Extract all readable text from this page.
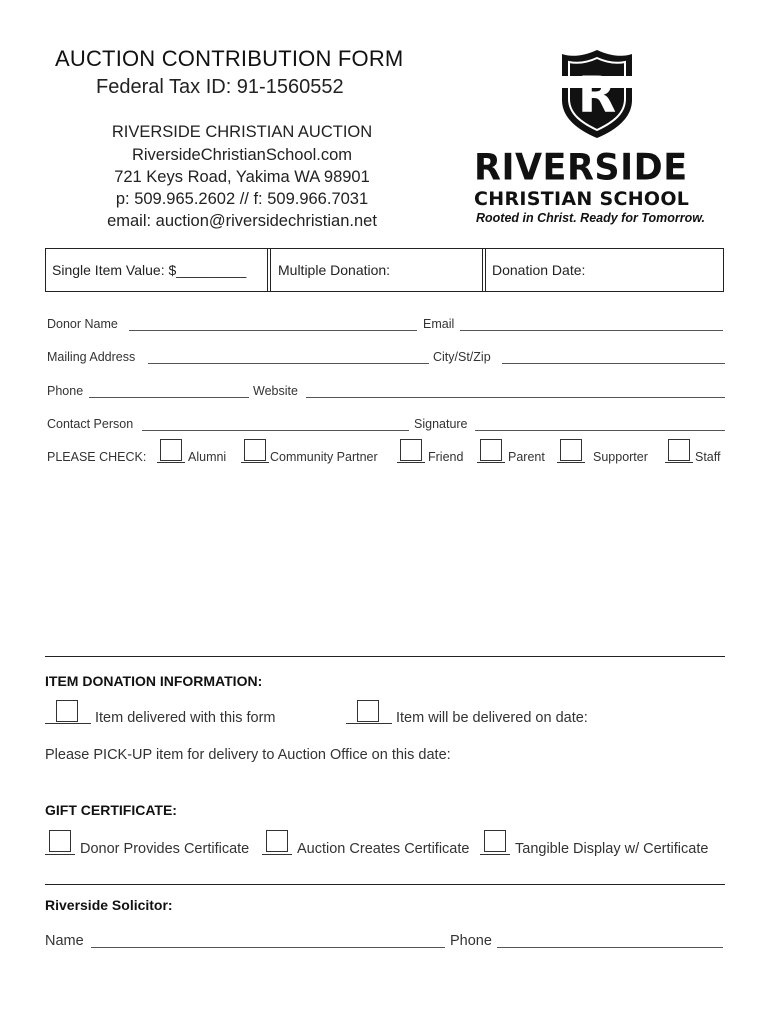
AUCTION CONTRIBUTION FORM
Federal Tax ID: 91-1560552
RIVERSIDE CHRISTIAN AUCTION
RiversideChristianSchool.com
721 Keys Road, Yakima WA 98901
p: 509.965.2602 // f: 509.966.7031
email: auction@riversidechristian.net
R
RIVERSIDE
CHRISTIAN SCHOOL
Rooted in Christ. Ready for Tomorrow.
Single Item Value: $_________ Multiple Donation:	Donation Date:
Donor Name	Email
Mailing Address	City/St/Zip
Phone	Website
Contact Person	Signature
PLEASE CHECK:	Alumni	Community Partner	Friend	Parent	Supporter	Staff
ITEM DONATION INFORMATION:
Item delivered with this form	Item will be delivered on date:
Please PICK-UP item for delivery to Auction Office on this date:
GIFT CERTIFICATE:
Donor Provides Certificate	Auction Creates Certificate	Tangible Display w/ Certificate
Riverside Solicitor:
Name	Phone
